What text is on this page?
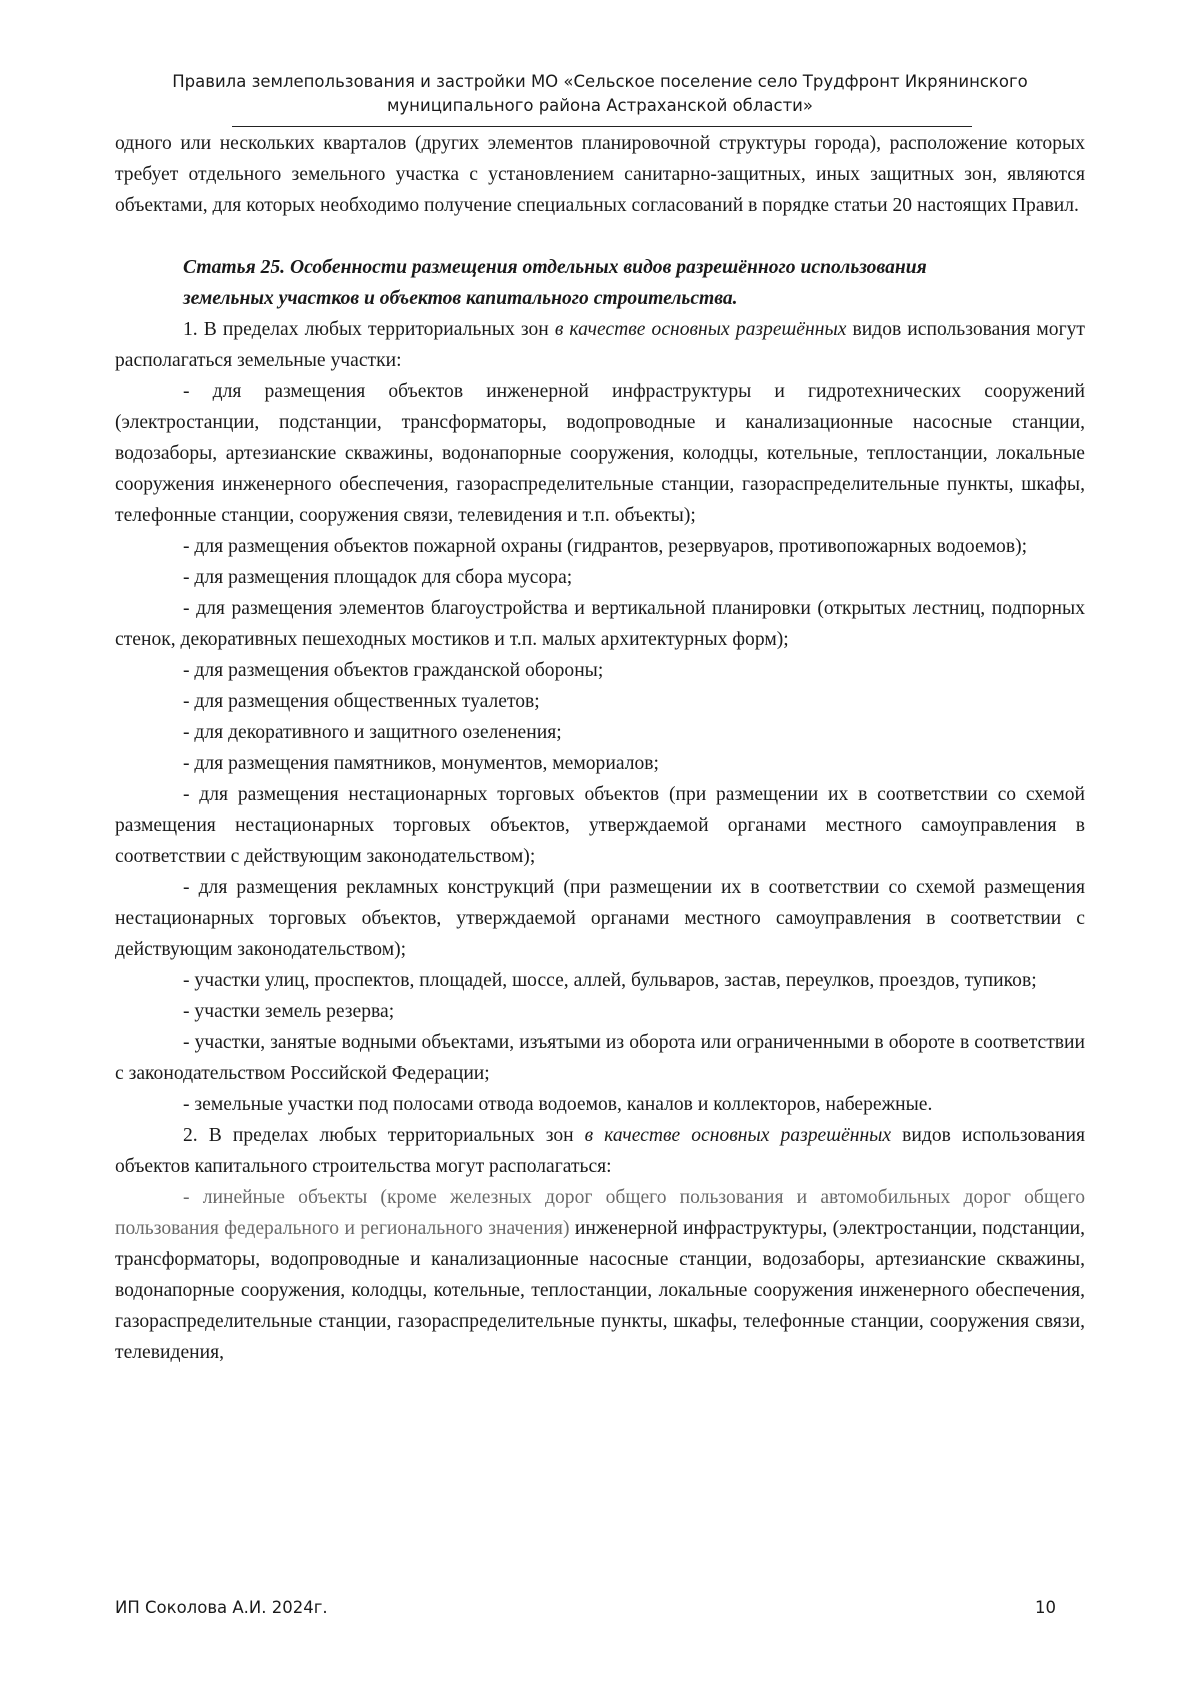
Правила землепользования и застройки МО «Сельское поселение село Трудфронт Икрянинского
муниципального района Астраханской области»

одного или нескольких кварталов (других элементов планировочной структуры города), расположение которых требует отдельного земельного участка с установлением санитарно-защитных, иных защитных зон, являются объектами, для которых необходимо получение специальных согласований в порядке статьи 20 настоящих Правил.

Статья 25. Особенности размещения отдельных видов разрешённого использования
земельных участков и объектов капитального строительства.

1. В пределах любых территориальных зон в качестве основных разрешённых видов использования могут располагаться земельные участки:

- для размещения объектов инженерной инфраструктуры и гидротехнических сооружений (электростанции, подстанции, трансформаторы, водопроводные и канализационные насосные станции, водозаборы, артезианские скважины, водонапорные сооружения, колодцы, котельные, теплостанции, локальные сооружения инженерного обеспечения, газораспределительные станции, газораспределительные пункты, шкафы, телефонные станции, сооружения связи, телевидения и т.п. объекты);

- для размещения объектов пожарной охраны (гидрантов, резервуаров, противопожарных водоемов);

- для размещения площадок для сбора мусора;

- для размещения элементов благоустройства и вертикальной планировки (открытых лестниц, подпорных стенок, декоративных пешеходных мостиков и т.п. малых архитектурных форм);

- для размещения объектов гражданской обороны;

- для размещения общественных туалетов;

- для декоративного и защитного озеленения;

- для размещения памятников, монументов, мемориалов;

- для размещения нестационарных торговых объектов (при размещении их в соответствии со схемой размещения нестационарных торговых объектов, утверждаемой органами местного самоуправления в соответствии с действующим законодательством);

- для размещения рекламных конструкций (при размещении их в соответствии со схемой размещения нестационарных торговых объектов, утверждаемой органами местного самоуправления в соответствии с действующим законодательством);

- участки улиц, проспектов, площадей, шоссе, аллей, бульваров, застав, переулков, проездов, тупиков;

- участки земель резерва;

- участки, занятые водными объектами, изъятыми из оборота или ограниченными в обороте в соответствии с законодательством Российской Федерации;

- земельные участки под полосами отвода водоемов, каналов и коллекторов, набережные.

2. В пределах любых территориальных зон в качестве основных разрешённых видов использования объектов капитального строительства могут располагаться:

- линейные объекты (кроме железных дорог общего пользования и автомобильных дорог общего пользования федерального и регионального значения) инженерной инфраструктуры, (электростанции, подстанции, трансформаторы, водопроводные и канализационные насосные станции, водозаборы, артезианские скважины, водонапорные сооружения, колодцы, котельные, теплостанции, локальные сооружения инженерного обеспечения, газораспределительные станции, газораспределительные пункты, шкафы, телефонные станции, сооружения связи, телевидения,

ИП Соколова А.И. 2024г.	10
